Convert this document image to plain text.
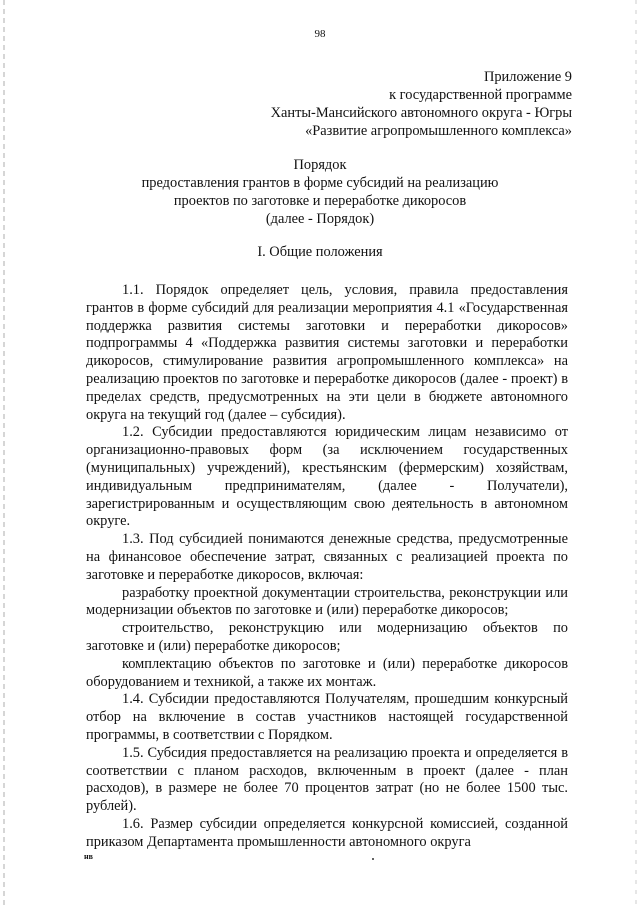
98
Приложение 9
к государственной программе
Ханты-Мансийского автономного округа - Югры
«Развитие агропромышленного комплекса»
Порядок
предоставления грантов в форме субсидий на реализацию
проектов по заготовке и переработке дикоросов
(далее - Порядок)
I. Общие положения

1.1. Порядок определяет цель, условия, правила предоставления грантов в форме субсидий для реализации мероприятия 4.1 «Государственная поддержка развития системы заготовки и переработки дикоросов» подпрограммы 4 «Поддержка развития системы заготовки и переработки дикоросов, стимулирование развития агропромышленного комплекса» на реализацию проектов по заготовке и переработке дикоросов (далее - проект) в пределах средств, предусмотренных на эти цели в бюджете автономного округа на текущий год (далее – субсидия).

1.2. Субсидии предоставляются юридическим лицам независимо от организационно-правовых форм (за исключением государственных (муниципальных) учреждений), крестьянским (фермерским) хозяйствам, индивидуальным предпринимателям, (далее - Получатели), зарегистрированным и осуществляющим свою деятельность в автономном округе.

1.3. Под субсидией понимаются денежные средства, предусмотренные на финансовое обеспечение затрат, связанных с реализацией проекта по заготовке и переработке дикоросов, включая:

разработку проектной документации строительства, реконструкции или модернизации объектов по заготовке и (или) переработке дикоросов;

строительство, реконструкцию или модернизацию объектов по заготовке и (или) переработке дикоросов;

комплектацию объектов по заготовке и (или) переработке дикоросов оборудованием и техникой, а также их монтаж.

1.4. Субсидии предоставляются Получателям, прошедшим конкурсный отбор на включение в состав участников настоящей государственной программы, в соответствии с Порядком.

1.5. Субсидия предоставляется на реализацию проекта и определяется в соответствии с планом расходов, включенным в проект (далее - план расходов), в размере не более 70 процентов затрат (но не более 1500 тыс. рублей).

1.6. Размер субсидии определяется конкурсной комиссией, созданной приказом Департамента промышленности автономного округа

нв
